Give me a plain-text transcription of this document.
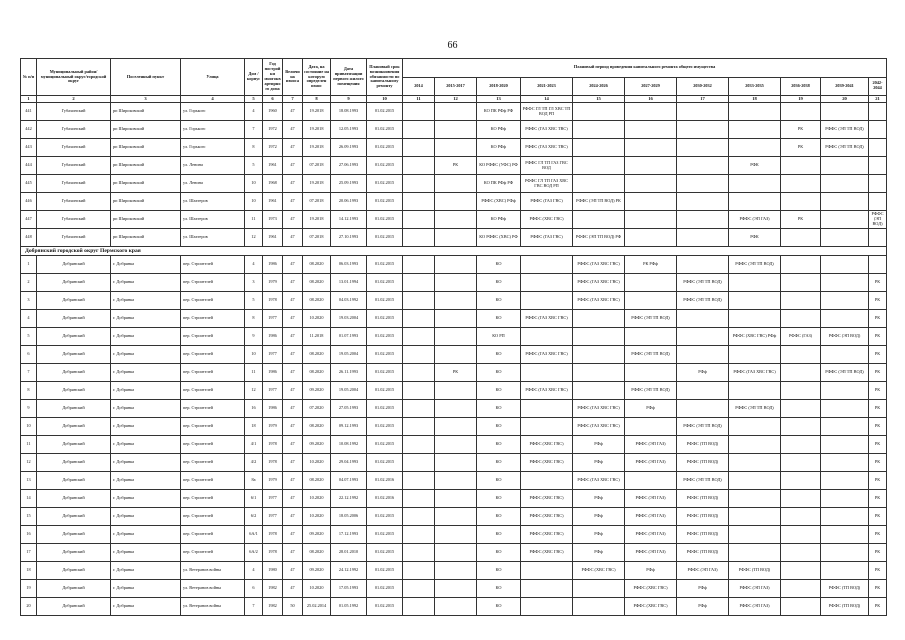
66
№ п/п	Муниципальный район/ муниципальный округ/городской округ	Поселенный пункт	Улица	Дом / корпус	Год постройки многоквартирного дома	Величина износа	Дата, на состояние на которую определен износ	Дата приватизации первого жилого помещения	Плановый срок возникновения обязанности по капитальному ремонту	Плановый период проведения капитального ремонта общего имущества										
										2014	2015-2017	2018-2020	2021-2023	2024-2026	2027-2029	2030-2032	2033-2035	2036-2038	2039-2041	2042-2044
1	2	3	4	5	6	7	8	9	10	11	12	13	14	15	16	17	18	19	20	21
441	Губахинский	рп Широковский	ул. Горького	4	1960	47	19.2018	18.08.1993	01.02.2015			КО ПК РФф РФ	РФФС ГЛ ТП ГЛ ХВС ТП ВОД РП							
442	Губахинский	рп Широковский	ул. Горького	7	1972	47	19.2018	12.05.1993	01.02.2015			КО РФф	РФФС (ГАЗ ХВС ТВС)					РК	РФФС (ЭП ТП ВОД)	
443	Губахинский	рп Широковский	ул. Горького	8	1972	47	19.2018	26.09.1993	01.02.2015			КО РФф	РФФС (ГАЗ ХВС ТВС)					РК	РФФС (ЭП ТП ВОД)	
444	Губахинский	рп Широковский	ул. Ленина	5	1961	47	07.2018	27.06.1993	01.02.2015		РК	КО РФФС (УФС) РФ	РФФС ГЛ ТП ГАЗ ГВС ВОД				РФК			
445	Губахинский	рп Широковский	ул. Ленина	10	1968	47	19.2018	25.09.1993	01.02.2015			КО ПК РФф РФ	РФФС ГЛ ТП ГАЗ ХВС ГВС ВОД РП							
446	Губахинский	рп Широковский	ул. Шахтеров	10	1961	47	07.2018	20.06.1993	01.02.2015			РФФС (ХВС) РФф	РФФС (ГАЗ ГВС)	РФФС (ЭП ТП ВОД) РК						
447	Губахинский	рп Широковский	ул. Шахтеров	11	1973	47	19.2018	14.12.1993	01.02.2015			КО РФф	РФФС (ХВС ГВС)				РФФС (ЭП ГАЗ)	РК		РФФС (ЭП ВОД)
448	Губахинский	рп Широковский	ул. Шахтеров	12	1961	47	07.2018	27.10.1993	01.02.2015			КО РФФС (ХВС) РФ	РФФС (ГАЗ ГВС)	РФФС (ЭП ТП ВОД) РФ			РФК			
Добрянский городской округ Пермского края																				
1	Добрянский	г. Добрянка	пер. Строителей	4	1986	47	08.2020	06.03.1993	01.02.2015			КО		РФФС (ГАЗ ХВС ГВС)	РК РФф		РФФС (ЭП ТП ВОД)			
2	Добрянский	г. Добрянка	пер. Строителей	3	1979	47	08.2020	13.01.1994	01.02.2015			КО		РФФС (ГАЗ ХВС ГВС)		РФФС (ЭП ТП ВОД)				РК
3	Добрянский	г. Добрянка	пер. Строителей	5	1978	47	08.2020	04.03.1992	01.02.2015			КО		РФФС (ГАЗ ХВС ГВС)		РФФС (ЭП ТП ВОД)				РК
4	Добрянский	г. Добрянка	пер. Строителей	8	1977	47	10.2020	19.03.2004	01.02.2015			КО	РФФС (ГАЗ ХВС ГВС)		РФФС (ЭП ТП ВОД)					РК
5	Добрянский	г. Добрянка	пер. Строителей	9	1986	47	11.2018	01.07.1993	01.02.2015			КО РП					РФФС (ХВС ГВС) РФф	РФФС (ГАЗ)	РФФС (ЭП ВОД)	РК
6	Добрянский	г. Добрянка	пер. Строителей	10	1977	47	08.2020	19.05.2004	01.02.2015			КО	РФФС (ГАЗ ХВС ГВС)		РФФС (ЭП ТП ВОД)					РК
7	Добрянский	г. Добрянка	пер. Строителей	11	1986	47	08.2020	26.11.1993	01.02.2015		РК	КО				РФф	РФФС (ГАЗ ХВС ГВС)		РФФС (ЭП ТП ВОД)	РК
8	Добрянский	г. Добрянка	пер. Строителей	12	1977	47	09.2020	19.05.2004	01.02.2015			КО	РФФС (ГАЗ ХВС ГВС)		РФФС (ЭП ТП ВОД)					РК
9	Добрянский	г. Добрянка	пер. Строителей	16	1986	47	07.2020	27.05.1993	01.02.2015			КО		РФФС (ГАЗ ХВС ГВС)	РФф		РФФС (ЭП ТП ВОД)			РК
10	Добрянский	г. Добрянка	пер. Строителей	18	1979	47	08.2020	09.12.1993	01.02.2015			КО		РФФС (ГАЗ ХВС ГВС)		РФФС (ЭП ТП ВОД)				РК
11	Добрянский	г. Добрянка	пер. Строителей	4/1	1978	47	09.2020	10.08.1992	01.02.2015			КО	РФФС (ХВС ГВС)	РФф	РФФС (ЭП ГАЗ)	РФФС (ТП ВОД)				РК
12	Добрянский	г. Добрянка	пер. Строителей	4/2	1978	47	10.2020	29.04.1993	01.02.2015			КО	РФФС (ХВС ГВС)	РФф	РФФС (ЭП ГАЗ)	РФФС (ТП ВОД)				РК
13	Добрянский	г. Добрянка	пер. Строителей	8а	1979	47	08.2020	04.07.1993	01.02.2016			КО		РФФС (ГАЗ ХВС ГВС)		РФФС (ЭП ТП ВОД)				РК
14	Добрянский	г. Добрянка	пер. Строителей	6/1	1977	47	10.2020	22.12.1992	01.02.2016			КО	РФФС (ХВС ГВС)	РФф	РФФС (ЭП ГАЗ)	РФФС (ТП ВОД)				РК
15	Добрянский	г. Добрянка	пер. Строителей	6/2	1977	47	10.2020	18.05.2006	01.02.2015			КО	РФФС (ХВС ГВС)	РФф	РФФС (ЭП ГАЗ)	РФФС (ТП ВОД)				РК
16	Добрянский	г. Добрянка	пер. Строителей	6А/1	1978	47	09.2020	17.12.1993	01.02.2015			КО	РФФС (ХВС ГВС)	РФф	РФФС (ЭП ГАЗ)	РФФС (ТП ВОД)				РК
17	Добрянский	г. Добрянка	пер. Строителей	6А/2	1978	47	08.2020	28.01.2010	01.02.2015			КО	РФФС (ХВС ГВС)	РФф	РФФС (ЭП ГАЗ)	РФФС (ТП ВОД)				РК
18	Добрянский	г. Добрянка	ул. Ветеранов войны	4	1980	47	09.2020	24.12.1992	01.02.2015			КО		РФФС (ХВС ГВС)	РФф	РФФС (ЭП ГАЗ)	РФФС (ТП ВОД)			РК
19	Добрянский	г. Добрянка	ул. Ветеранов войны	6	1982	47	10.2020	17.05.1993	01.02.2015			КО			РФФС (ХВС ГВС)	РФф	РФФС (ЭП ГАЗ)		РФФС (ТП ВОД)	РК
20	Добрянский	г. Добрянка	ул. Ветеранов войны	7	1982	50	25.02.2014	01.05.1992	01.02.2015			КО			РФФС (ХВС ГВС)	РФф	РФФС (ЭП ГАЗ)		РФФС (ТП ВОД)	РК
